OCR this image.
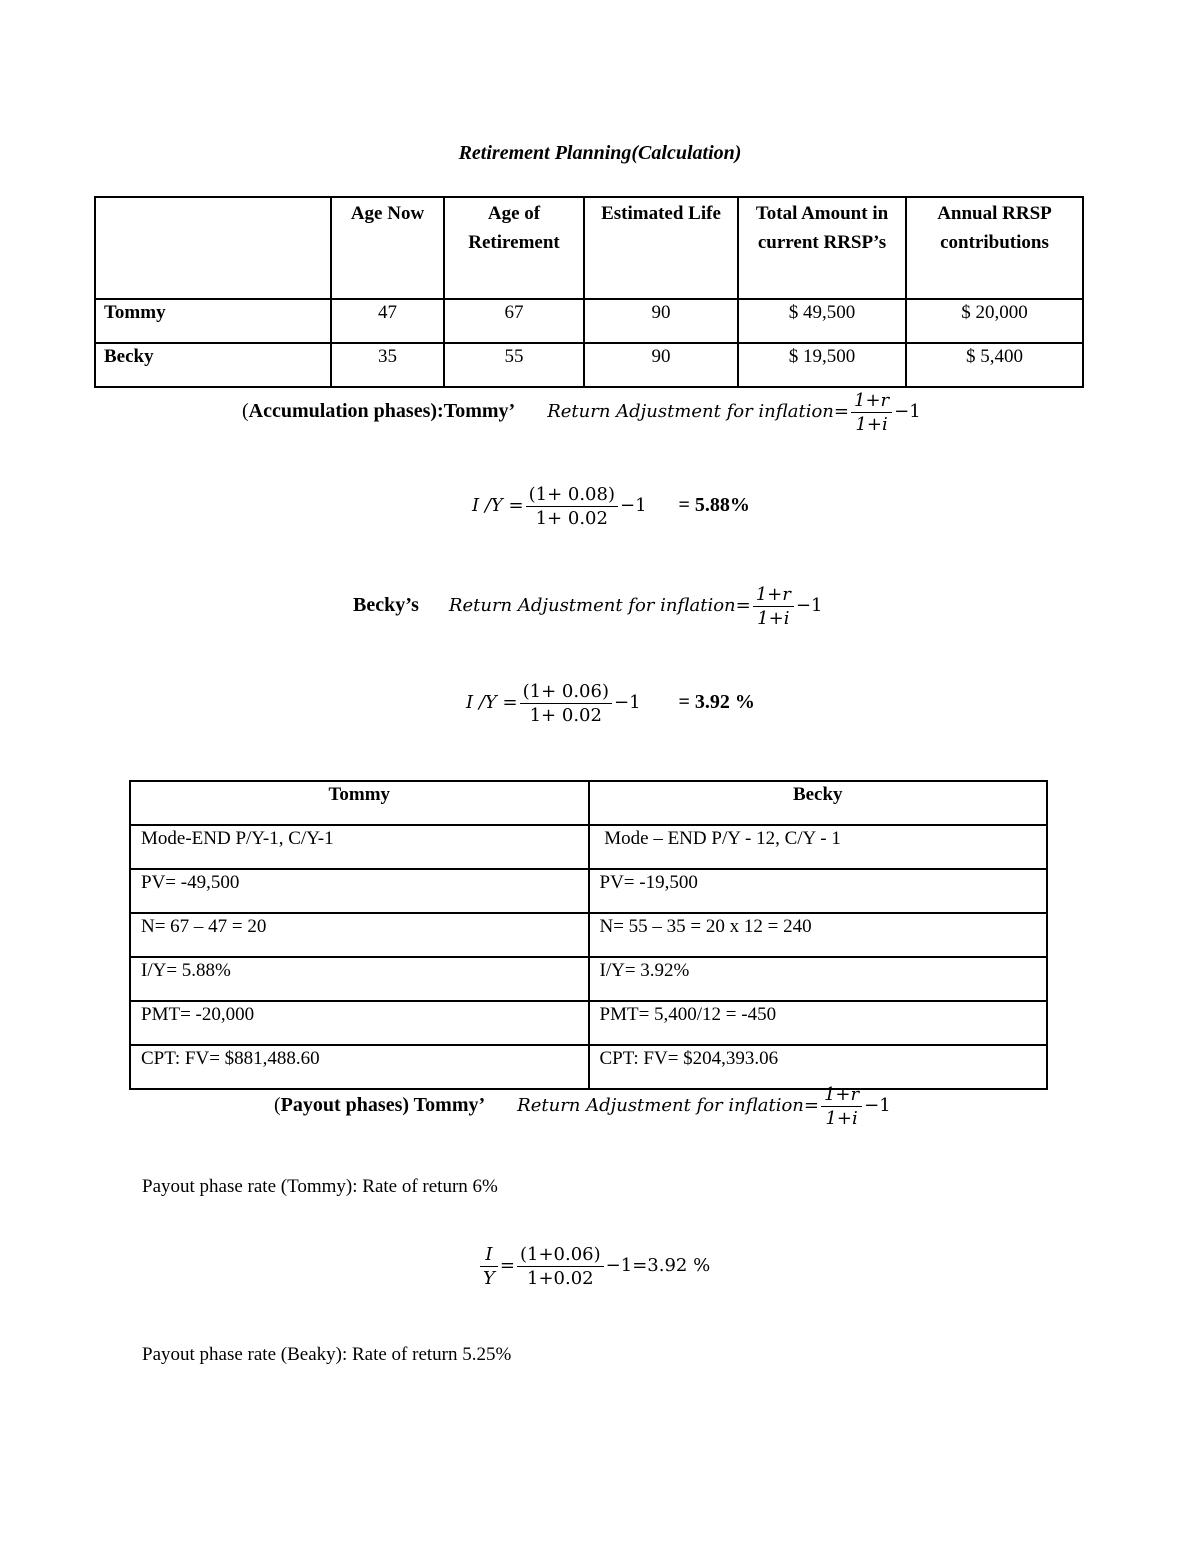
Retirement Planning(Calculation)
	Age Now	Age of Retirement	Estimated Life	Total Amount in current RRSP’s	Annual RRSP contributions
Tommy	47	67	90	$ 49,500	$ 20,000
Becky	35	55	90	$ 19,500	$ 5,400
(Accumulation phases):Tommy’ Return Adjustment for inflation= $\frac{1+r}{1+i} -1$
I $/Y = \frac{(1+ 0.08)}{1+ 0.02} -1 = 5.88\%$
Becky’s Return Adjustment for inflation= $\frac{1+r}{1+i} -1$
I $/Y = \frac{(1+ 0.06)}{1+ 0.02} -1 = 3.92$ %
Tommy	Becky
Mode-END P/Y-1, C/Y-1	Mode – END P/Y - 12, C/Y - 1
PV= -49,500	PV= -19,500
N= 67 – 47 = 20	N= 55 – 35 = 20 x 12 = 240
I/Y= 5.88%	I/Y= 3.92%
PMT= -20,000	PMT= 5,400/12 = -450
CPT: FV= $881,488.60	CPT: FV= $204,393.06
(Payout phases) Tommy’ Return Adjustment for inflation= $\frac{1+r}{1+i} -1$
Payout phase rate (Tommy): Rate of return 6%
$\frac{I}{Y} = \frac{(1+0.06)}{1+0.02} -1=3.92$ %
Payout phase rate (Beaky): Rate of return 5.25%
